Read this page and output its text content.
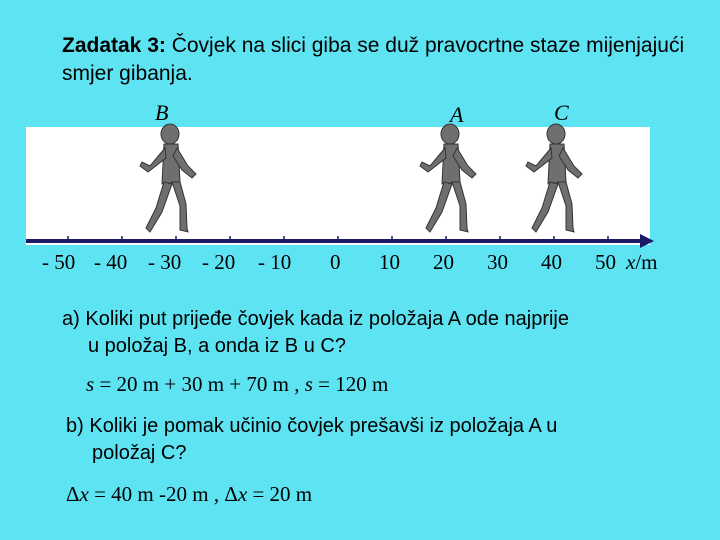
Zadatak 3: Čovjek na slici giba se duž pravocrtne staze mijenjajući smjer gibanja.
B	A	C
- 50 - 40 - 30 - 20 - 10 0 10 20 30 40 50 x/m
a) Koliki put prijeđe čovjek kada iz položaja A ode najprije
u položaj B, a onda iz B u C?
s = 20 m + 30 m + 70 m , s = 120 m
b) Koliki je pomak učinio čovjek prešavši iz položaja A u
položaj C?
Δx = 40 m -20 m , Δx = 20 m
